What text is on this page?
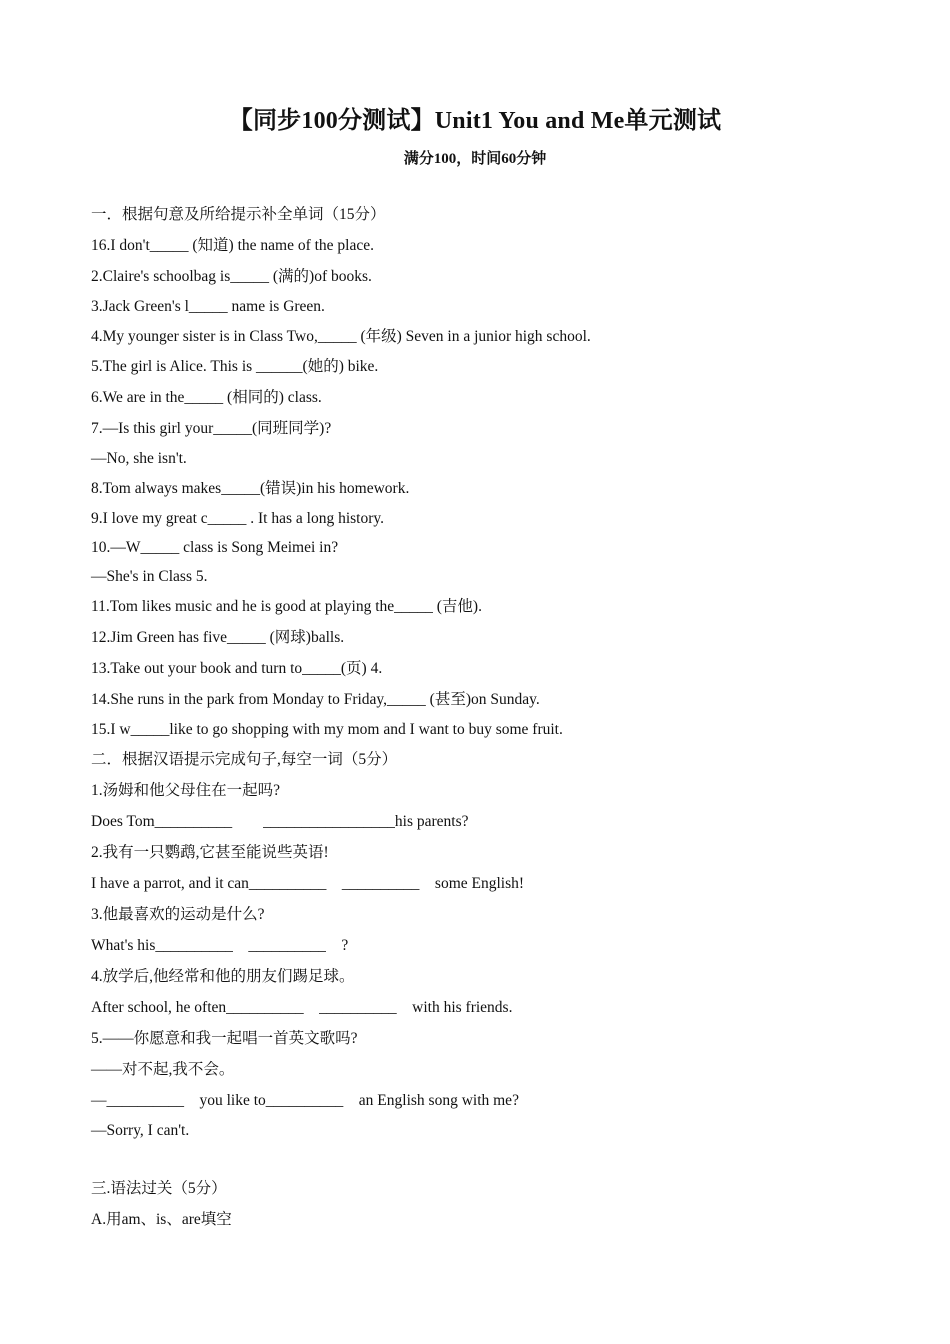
【同步100分测试】Unit1 You and Me单元测试
满分100，时间60分钟

一．根据句意及所给提示补全单词（15分）

16.I don't_____ (知道) the name of the place.

2.Claire's schoolbag is_____ (满的)of books.

3.Jack Green's l_____ name is Green.

4.My younger sister is in Class Two,_____ (年级) Seven in a junior high school.

5.The girl is Alice. This is ______(她的) bike.

6.We are in the_____ (相同的) class.

7.—Is this girl your_____(同班同学)?

—No, she isn't.

8.Tom always makes_____(错误)in his homework.

9.I love my great c_____ . It has a long history.

10.—W_____ class is Song Meimei in?

—She's in Class 5.

11.Tom likes music and he is good at playing the_____ (吉他).

12.Jim Green has five_____ (网球)balls.

13.Take out your book and turn to_____(页) 4.

14.She runs in the park from Monday to Friday,_____ (甚至)on Sunday.

15.I w_____like to go shopping with my mom and I want to buy some fruit.

二．根据汉语提示完成句子,每空一词（5分）

1.汤姆和他父母住在一起吗?

Does Tom__________        _________________his parents?

2.我有一只鹦鹉,它甚至能说些英语!

I have a parrot, and it can__________    __________    some English!

3.他最喜欢的运动是什么?

What's his__________    __________    ?

4.放学后,他经常和他的朋友们踢足球。

After school, he often__________    __________    with his friends.

5.——你愿意和我一起唱一首英文歌吗?

——对不起,我不会。

—__________    you like to__________    an English song with me?

—Sorry, I can't.

三.语法过关（5分）

A.用am、is、are填空
